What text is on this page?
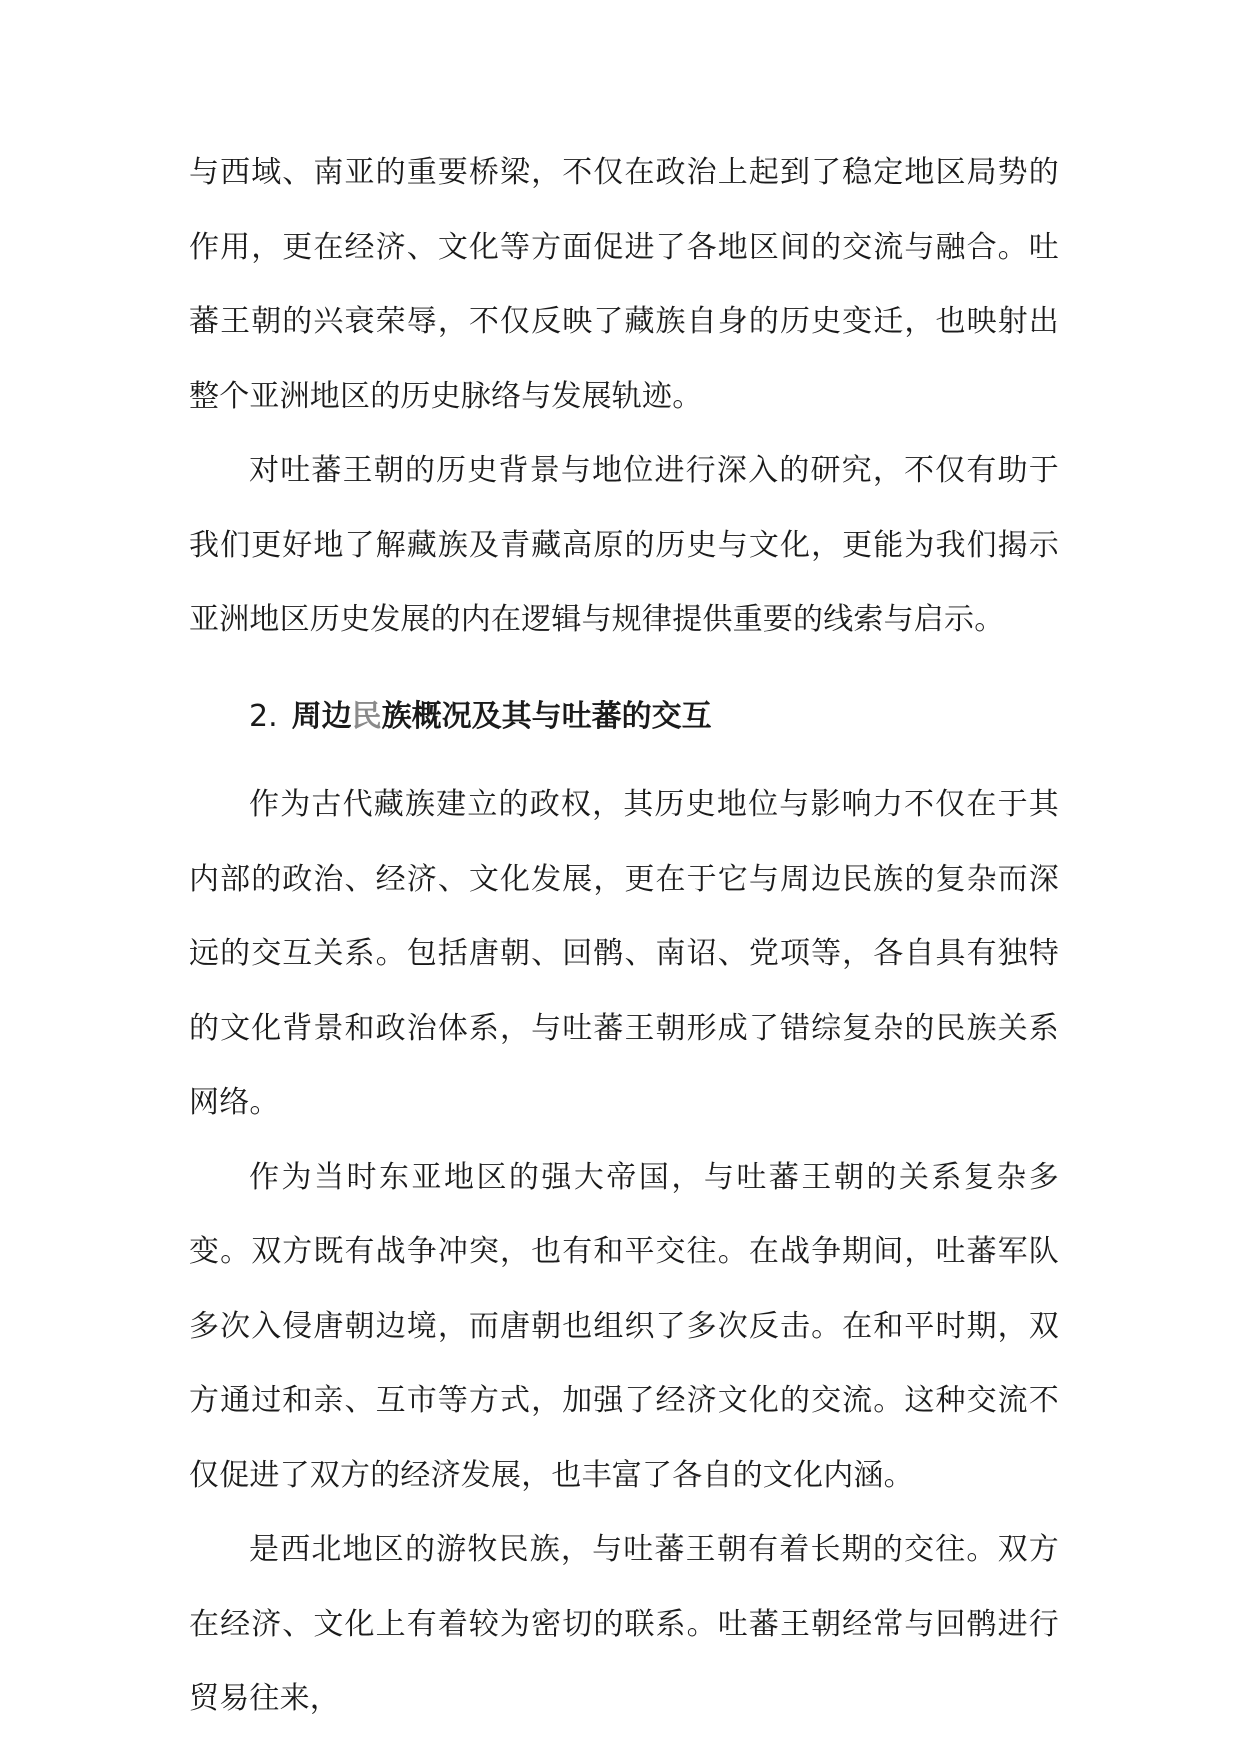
与西域、南亚的重要桥梁，不仅在政治上起到了稳定地区局势的作用，更在经济、文化等方面促进了各地区间的交流与融合。吐蕃王朝的兴衰荣辱，不仅反映了藏族自身的历史变迁，也映射出整个亚洲地区的历史脉络与发展轨迹。

对吐蕃王朝的历史背景与地位进行深入的研究，不仅有助于我们更好地了解藏族及青藏高原的历史与文化，更能为我们揭示亚洲地区历史发展的内在逻辑与规律提供重要的线索与启示。

2. 周边民族概况及其与吐蕃的交互

作为古代藏族建立的政权，其历史地位与影响力不仅在于其内部的政治、经济、文化发展，更在于它与周边民族的复杂而深远的交互关系。包括唐朝、回鹘、南诏、党项等，各自具有独特的文化背景和政治体系，与吐蕃王朝形成了错综复杂的民族关系网络。

作为当时东亚地区的强大帝国，与吐蕃王朝的关系复杂多变。双方既有战争冲突，也有和平交往。在战争期间，吐蕃军队多次入侵唐朝边境，而唐朝也组织了多次反击。在和平时期，双方通过和亲、互市等方式，加强了经济文化的交流。这种交流不仅促进了双方的经济发展，也丰富了各自的文化内涵。

是西北地区的游牧民族，与吐蕃王朝有着长期的交往。双方在经济、文化上有着较为密切的联系。吐蕃王朝经常与回鹘进行贸易往来，
